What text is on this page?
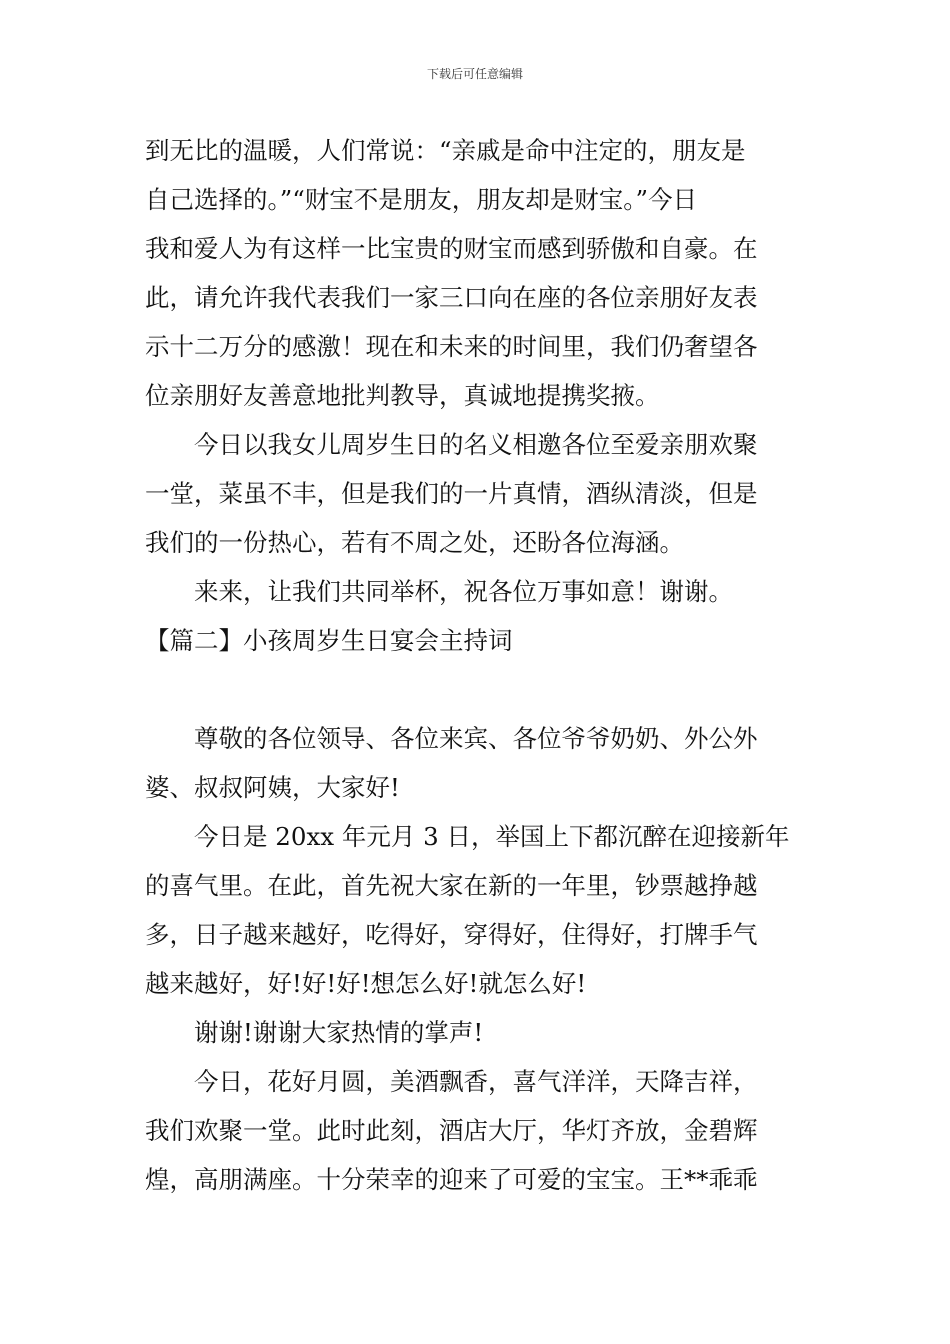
下载后可任意编辑
到无比的温暖，人们常说：“亲戚是命中注定的，朋友是
自己选择的。”“财宝不是朋友，朋友却是财宝。”今日
我和爱人为有这样一比宝贵的财宝而感到骄傲和自豪。在
此，请允许我代表我们一家三口向在座的各位亲朋好友表
示十二万分的感激！现在和未来的时间里，我们仍奢望各
位亲朋好友善意地批判教导，真诚地提携奖掖。
今日以我女儿周岁生日的名义相邀各位至爱亲朋欢聚
一堂，菜虽不丰，但是我们的一片真情，酒纵清淡，但是
我们的一份热心，若有不周之处，还盼各位海涵。
来来，让我们共同举杯，祝各位万事如意！谢谢。
【篇二】小孩周岁生日宴会主持词
尊敬的各位领导、各位来宾、各位爷爷奶奶、外公外
婆、叔叔阿姨，大家好!
今日是 20xx 年元月 3 日，举国上下都沉醉在迎接新年
的喜气里。在此，首先祝大家在新的一年里，钞票越挣越
多，日子越来越好，吃得好，穿得好，住得好，打牌手气
越来越好，好!好!好!想怎么好!就怎么好!
谢谢!谢谢大家热情的掌声!
今日，花好月圆，美酒飘香，喜气洋洋，天降吉祥，
我们欢聚一堂。此时此刻，酒店大厅，华灯齐放，金碧辉
煌，高朋满座。十分荣幸的迎来了可爱的宝宝。王**乖乖
